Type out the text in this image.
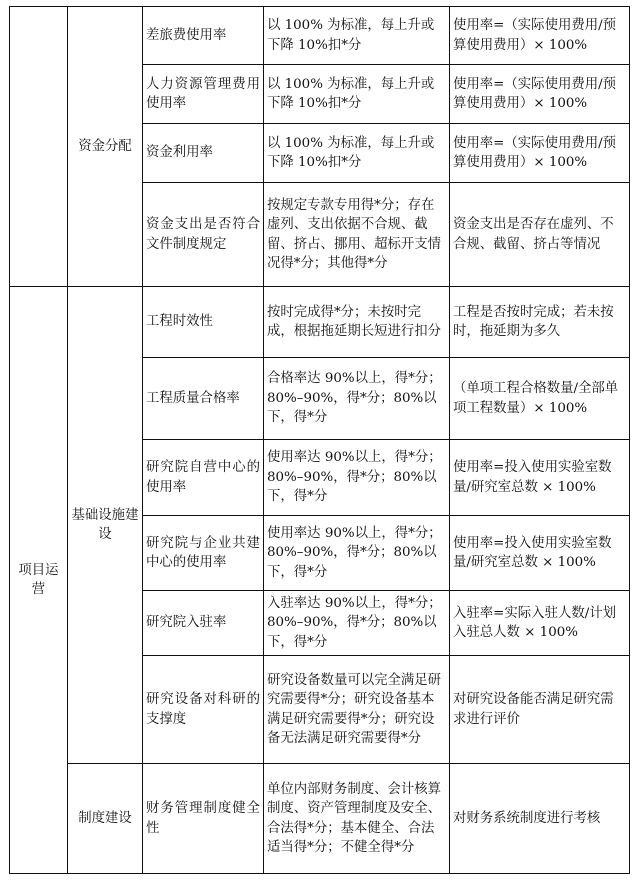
	资金分配	差旅费使用率	以 100% 为标准，每上升或下降 10%扣*分	使用率=（实际使用费用/预算使用费用）× 100%
		人力资源管理费用使用率	以 100% 为标准，每上升或下降 10%扣*分	使用率=（实际使用费用/预算使用费用）× 100%
		资金利用率	以 100% 为标准，每上升或下降 10%扣*分	使用率=（实际使用费用/预算使用费用）× 100%
		资金支出是否符合文件制度规定	按规定专款专用得*分；存在虚列、支出依据不合规、截留、挤占、挪用、超标开支情况得*分；其他得*分	资金支出是否存在虚列、不合规、截留、挤占等情况
项目运营	基础设施建设	工程时效性	按时完成得*分；未按时完成，根据拖延期长短进行扣分	工程是否按时完成；若未按时，拖延期为多久
		工程质量合格率	合格率达 90%以上，得*分；80%–90%，得*分；80%以下，得*分	（单项工程合格数量/全部单项工程数量）× 100%
		研究院自营中心的使用率	使用率达 90%以上，得*分；80%–90%，得*分；80%以下，得*分	使用率=投入使用实验室数量/研究室总数 × 100%
		研究院与企业共建中心的使用率	使用率达 90%以上，得*分；80%–90%，得*分；80%以下，得*分	使用率=投入使用实验室数量/研究室总数 × 100%
		研究院入驻率	入驻率达 90%以上，得*分；80%–90%，得*分；80%以下，得*分	入驻率=实际入驻人数/计划入驻总人数 × 100%
		研究设备对科研的支撑度	研究设备数量可以完全满足研究需要得*分；研究设备基本满足研究需要得*分；研究设备无法满足研究需要得*分	对研究设备能否满足研究需求进行评价
	制度建设	财务管理制度健全性	单位内部财务制度、会计核算制度、资产管理制度及安全、合法得*分；基本健全、合法适当得*分；不健全得*分	对财务系统制度进行考核
